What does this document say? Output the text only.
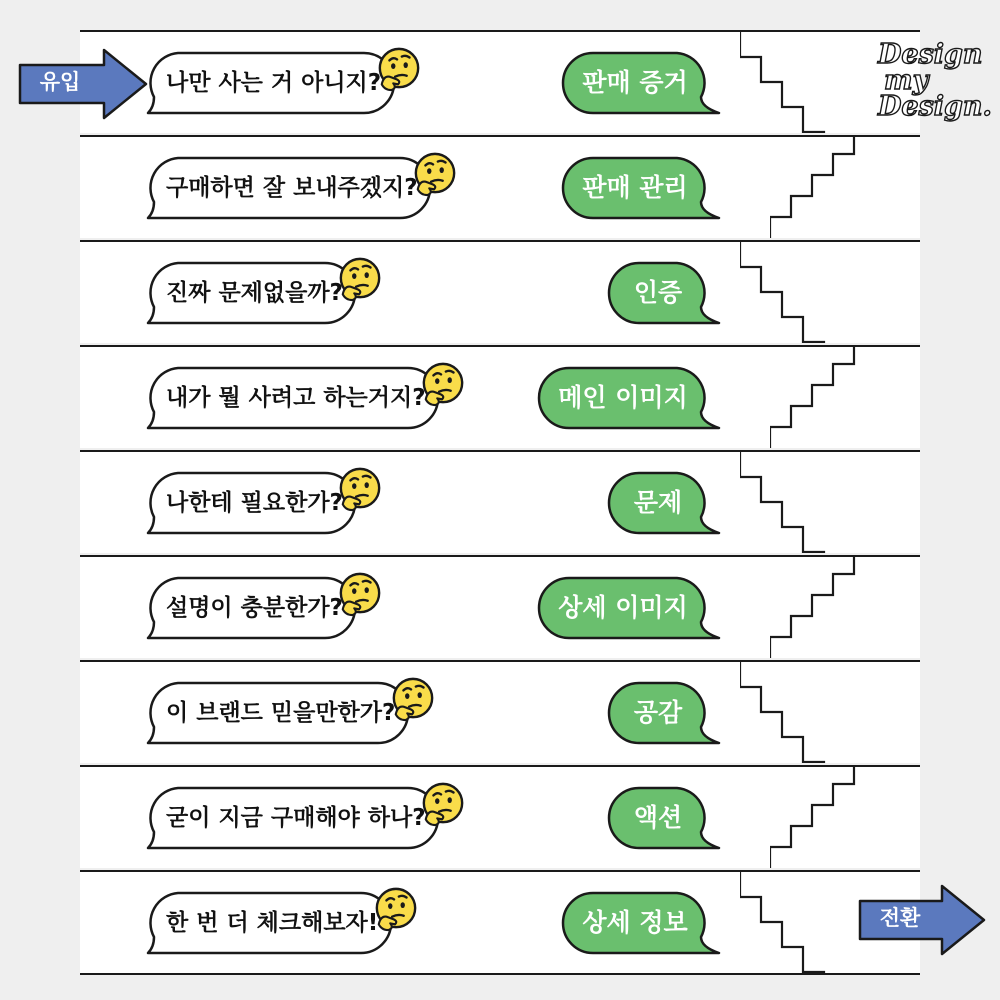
나만 사는 거 아니지?	판매 증거
구매하면 잘 보내주겠지?	판매 관리
진짜 문제없을까?	인증
내가 뭘 사려고 하는거지?	메인 이미지
나한테 필요한가?	문제
설명이 충분한가?	상세 이미지
이 브랜드 믿을만한가?	공감
굳이 지금 구매해야 하나?	액션
한 번 더 체크해보자!	상세 정보
유입
전환
Design
my
Design.
